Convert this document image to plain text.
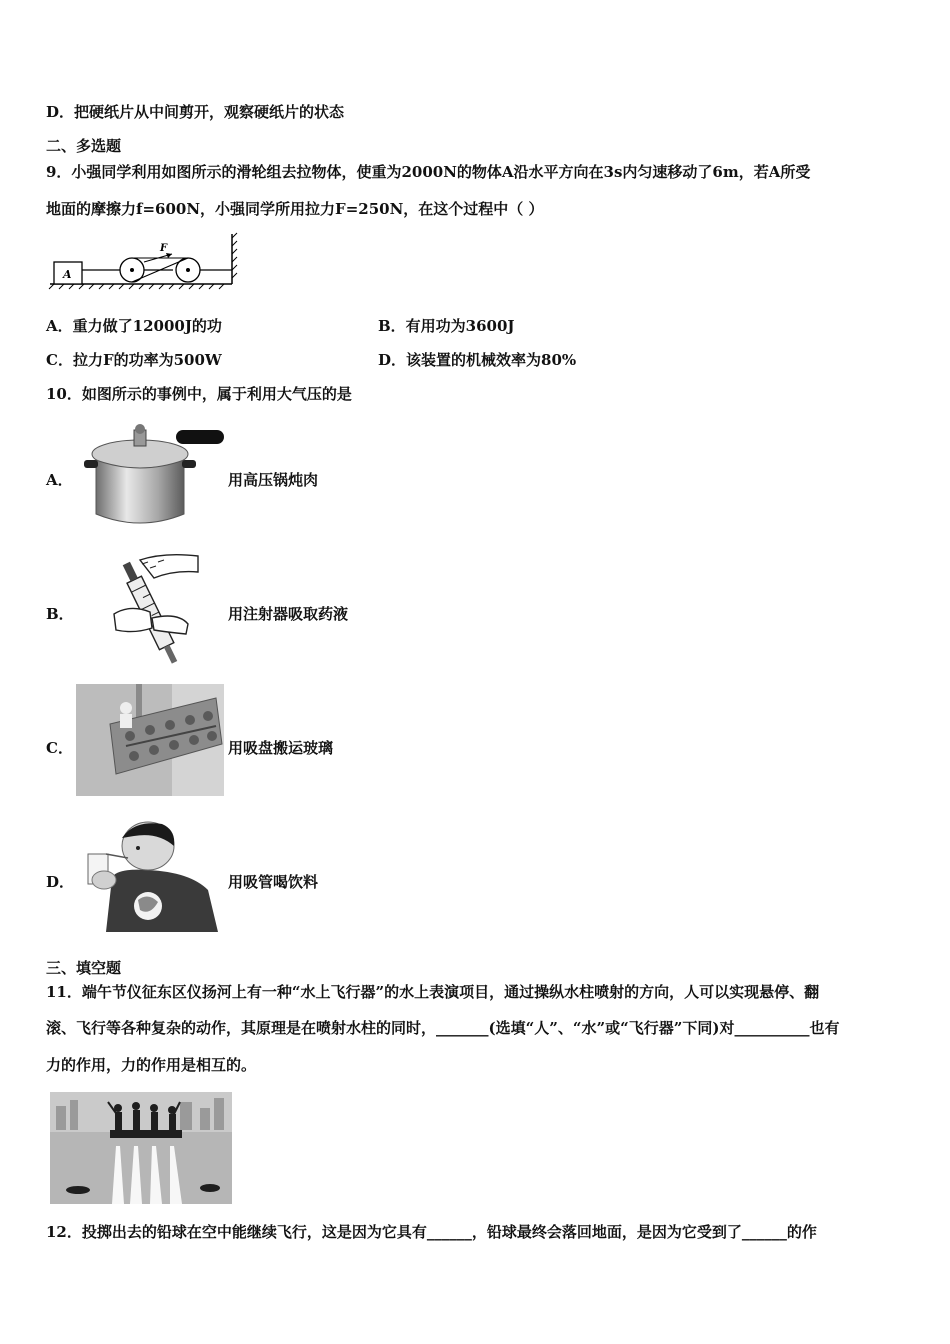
D．把硬纸片从中间剪开，观察硬纸片的状态
二、多选题
9．小强同学利用如图所示的滑轮组去拉物体，使重为2000N的物体A沿水平方向在3s内匀速移动了6m，若A所受
地面的摩擦力f=600N，小强同学所用拉力F=250N，在这个过程中（ ）
A
F
A．重力做了12000J的功	B．有用功为3600J
C．拉力F的功率为500W	D．该装置的机械效率为80%
10．如图所示的事例中，属于利用大气压的是
A．	用高压锅炖肉
B．	用注射器吸取药液
C．	用吸盘搬运玻璃
D．	用吸管喝饮料
三、填空题
11．端午节仪征东区仪扬河上有一种“水上飞行器”的水上表演项目，通过操纵水柱喷射的方向，人可以实现悬停、翻
滚、飞行等各种复杂的动作，其原理是在喷射水柱的同时，_______(选填“人”、“水”或“飞行器”下同)对__________也有
力的作用，力的作用是相互的。
12．投掷出去的铅球在空中能继续飞行，这是因为它具有______，铅球最终会落回地面，是因为它受到了______的作
